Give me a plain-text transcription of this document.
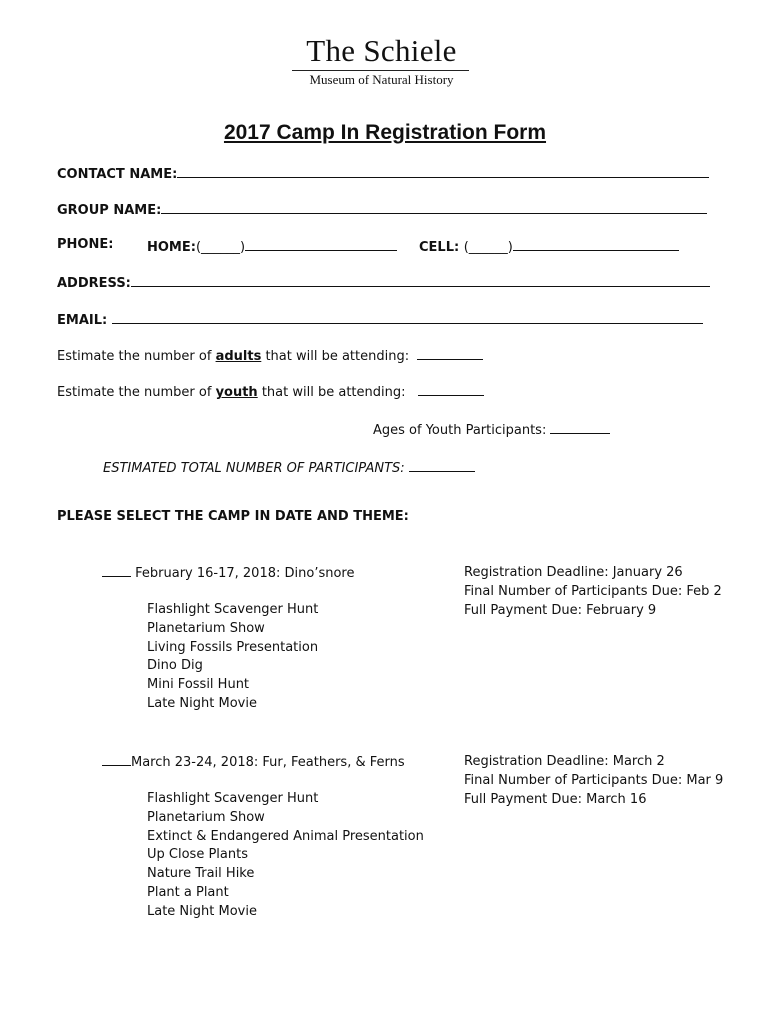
The Schiele
Museum of Natural History
2017 Camp In Registration Form
CONTACT NAME:
GROUP NAME:
PHONE:	HOME:(______)	CELL: (______)
ADDRESS:
EMAIL:
Estimate the number of adults that will be attending:
Estimate the number of youth that will be attending:
Ages of Youth Participants:
ESTIMATED TOTAL NUMBER OF PARTICIPANTS:
PLEASE SELECT THE CAMP IN DATE AND THEME:
February 16-17, 2018: Dino’snore	Registration Deadline: January 26
Final Number of Participants Due: Feb 2
Full Payment Due: February 9
Flashlight Scavenger Hunt
Planetarium Show
Living Fossils Presentation
Dino Dig
Mini Fossil Hunt
Late Night Movie
March 23-24, 2018: Fur, Feathers, & Ferns	Registration Deadline: March 2
Final Number of Participants Due: Mar 9
Full Payment Due: March 16
Flashlight Scavenger Hunt
Planetarium Show
Extinct & Endangered Animal Presentation
Up Close Plants
Nature Trail Hike
Plant a Plant
Late Night Movie
